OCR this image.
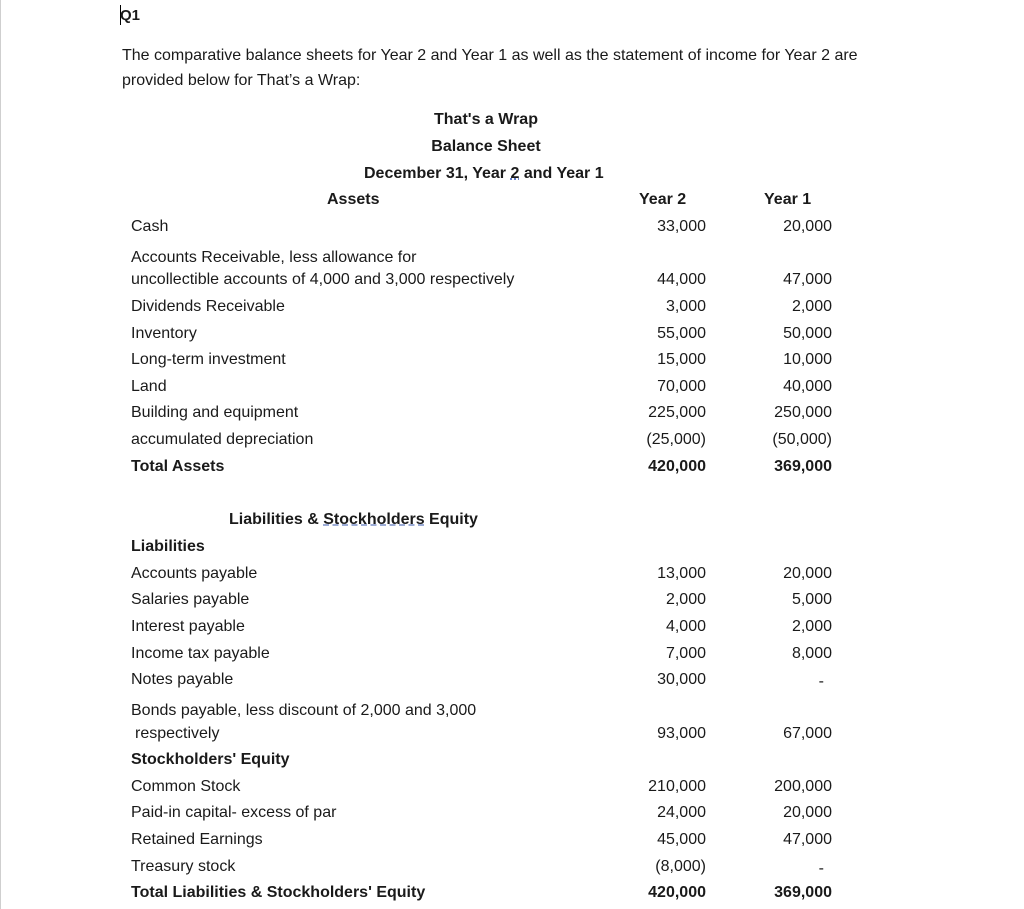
Q1
The comparative balance sheets for Year 2 and Year 1 as well as the statement of income for Year 2 are provided below for That’s a Wrap:
That's a Wrap
Balance Sheet
December 31, Year 2 and Year 1
Assets	Year 2	Year 1
Cash	33,000	20,000
Accounts Receivable, less allowance for
uncollectible accounts of 4,000 and 3,000 respectively	44,000	47,000
Dividends Receivable	3,000	2,000
Inventory	55,000	50,000
Long-term investment	15,000	10,000
Land	70,000	40,000
Building and equipment	225,000	250,000
accumulated depreciation	(25,000)	(50,000)
Total Assets	420,000	369,000
Liabilities & Stockholders Equity
Liabilities
Accounts payable	13,000	20,000
Salaries payable	2,000	5,000
Interest payable	4,000	2,000
Income tax payable	7,000	8,000
Notes payable	30,000	-
Bonds payable, less discount of 2,000 and 3,000
respectively	93,000	67,000
Stockholders' Equity
Common Stock	210,000	200,000
Paid-in capital- excess of par	24,000	20,000
Retained Earnings	45,000	47,000
Treasury stock	(8,000)	-
Total Liabilities & Stockholders' Equity	420,000	369,000
